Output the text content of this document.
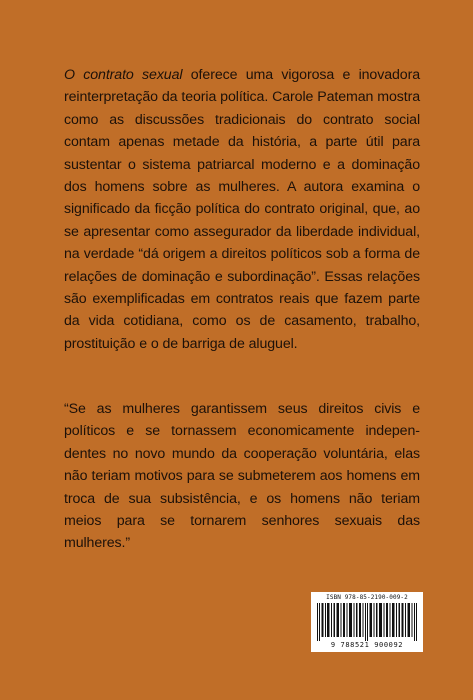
O contrato sexual oferece uma vigorosa e inovadora reinterpretação da teoria política. Carole Pateman mostra como as discussões tradicionais do contrato social contam apenas metade da história, a parte útil para sustentar o sistema patriarcal moderno e a dominação dos homens sobre as mulheres. A autora examina o significado da ficção política do contrato original, que, ao se apresentar como assegurador da liberdade individual, na verdade “dá origem a direitos políticos sob a forma de relações de dominação e subordinação”. Essas relações são exemplificadas em contratos reais que fazem parte da vida cotidiana, como os de casamento, trabalho, prostituição e o de barriga de aluguel.

“Se as mulheres garantissem seus direitos civis e políticos e se tornassem economicamente independentes no novo mundo da cooperação voluntária, elas não teriam motivos para se submeterem aos homens em troca de sua subsistência, e os homens não teriam meios para se tornarem senhores sexuais das mulheres.”
ISBN 978-85-2190-009-2
9 788521 900092
